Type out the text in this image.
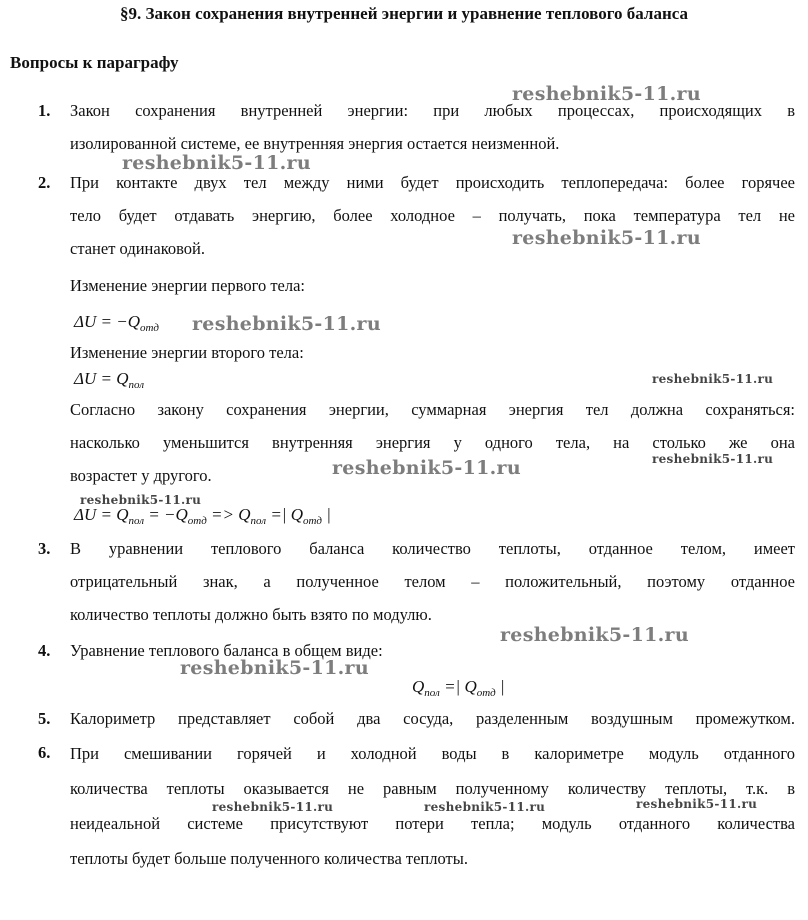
§9. Закон сохранения внутренней энергии и уравнение теплового баланса
Вопросы к параграфу
1. Закон сохранения внутренней энергии: при любых процессах, происходящих в
изолированной системе, ее внутренняя энергия остается неизменной.
2. При контакте двух тел между ними будет происходить теплопередача: более горячее
тело будет отдавать энергию, более холодное – получать, пока температура тел не
станет одинаковой.
Изменение энергии первого тела:
$\Delta U = -Q_{отд}$
Изменение энергии второго тела:
$\Delta U = Q_{пол}$
Согласно закону сохранения энергии, суммарная энергия тел должна сохраняться:
насколько уменьшится внутренняя энергия у одного тела, на столько же она
возрастет у другого.
$\Delta U = Q_{пол} = -Q_{отд} => Q_{пол}$ =| $Q_{отд}$ |
3. В уравнении теплового баланса количество теплоты, отданное телом, имеет
отрицательный знак, а полученное телом – положительный, поэтому отданное
количество теплоты должно быть взято по модулю.
4. Уравнение теплового баланса в общем виде:
$Q_{пол}$ =| $Q_{отд}$ |
5. Калориметр представляет собой два сосуда, разделенным воздушным промежутком.
6. При смешивании горячей и холодной воды в калориметре модуль отданного
количества теплоты оказывается не равным полученному количеству теплоты, т.к. в
неидеальной системе присутствуют потери тепла; модуль отданного количества
теплоты будет больше полученного количества теплоты.
reshebnik5-11.ru
reshebnik5-11.ru
reshebnik5-11.ru
reshebnik5-11.ru
reshebnik5-11.ru
reshebnik5-11.ru
reshebnik5-11.ru
reshebnik5-11.ru
reshebnik5-11.ru
reshebnik5-11.ru
reshebnik5-11.ru	reshebnik5-11.ru	reshebnik5-11.ru
